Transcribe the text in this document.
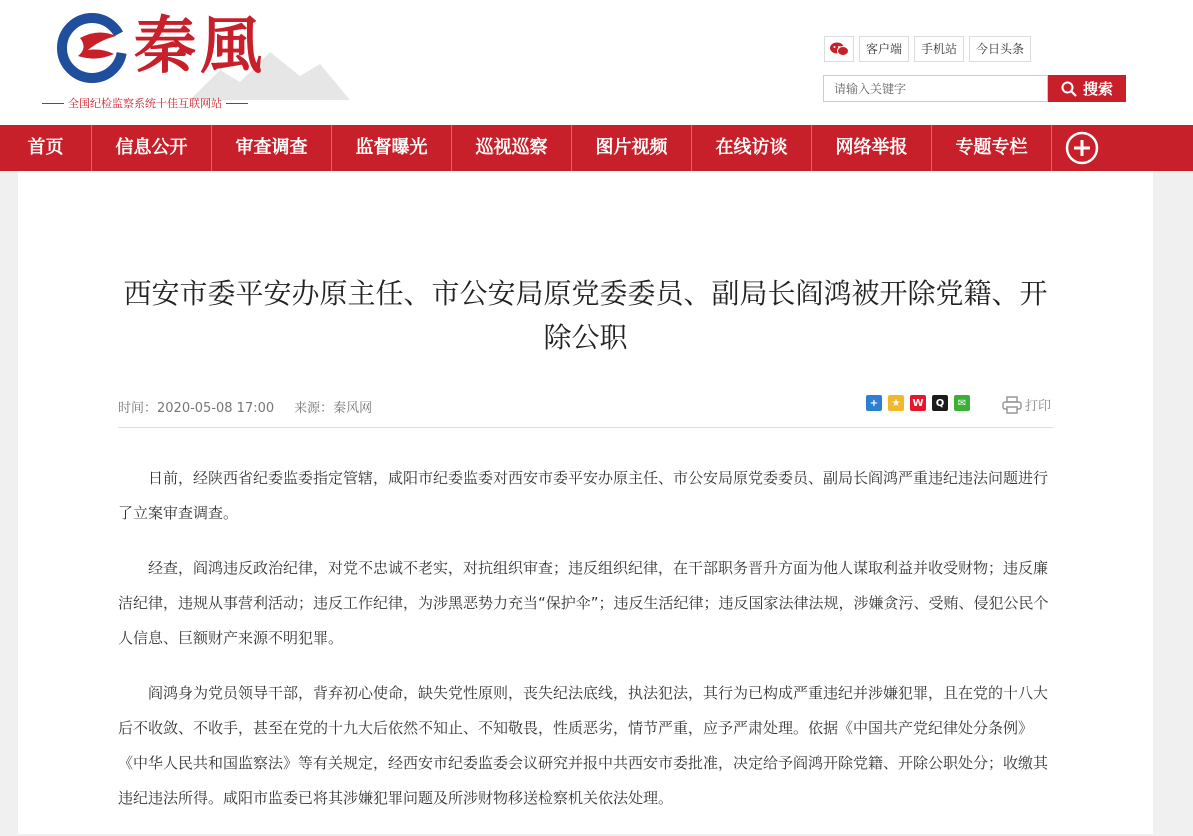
秦風
全国纪检监察系统十佳互联网站
客户端	手机站	今日头条
请输入关键字
搜索
首页	信息公开	审查调查	监督曝光	巡视巡察	图片视频	在线访谈	网络举报	专题专栏
西安市委平安办原主任、市公安局原党委委员、副局长阎鸿被开除党籍、开除公职
时间：2020-05-08 17:00 来源：秦风网	+	★	W	Q	✉	打印

日前，经陕西省纪委监委指定管辖，咸阳市纪委监委对西安市委平安办原主任、市公安局原党委委员、副局长阎鸿严重违纪违法问题进行了立案审查调查。

经查，阎鸿违反政治纪律，对党不忠诚不老实，对抗组织审查；违反组织纪律，在干部职务晋升方面为他人谋取利益并收受财物；违反廉洁纪律，违规从事营利活动；违反工作纪律，为涉黑恶势力充当“保护伞”；违反生活纪律；违反国家法律法规，涉嫌贪污、受贿、侵犯公民个人信息、巨额财产来源不明犯罪。

阎鸿身为党员领导干部，背弃初心使命，缺失党性原则，丧失纪法底线，执法犯法，其行为已构成严重违纪并涉嫌犯罪，且在党的十八大后不收敛、不收手，甚至在党的十九大后依然不知止、不知敬畏，性质恶劣，情节严重，应予严肃处理。依据《中国共产党纪律处分条例》《中华人民共和国监察法》等有关规定，经西安市纪委监委会议研究并报中共西安市委批准，决定给予阎鸿开除党籍、开除公职处分；收缴其违纪违法所得。咸阳市监委已将其涉嫌犯罪问题及所涉财物移送检察机关依法处理。
